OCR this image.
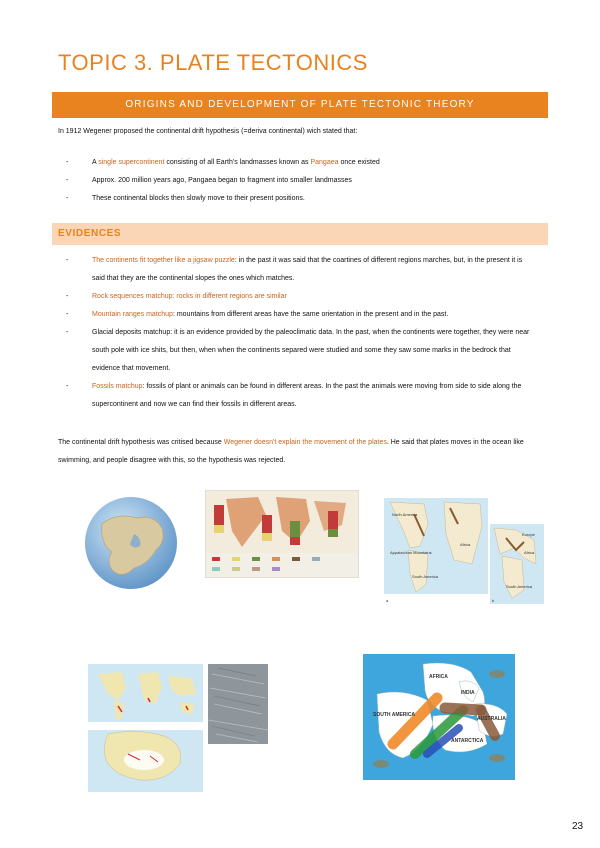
TOPIC 3. PLATE TECTONICS
ORIGINS AND DEVELOPMENT OF PLATE TECTONIC THEORY
In 1912 Wegener proposed the continental drift hypothesis (=deriva continental) wich stated that:
- A single supercontinent consisting of all Earth's landmasses known as Pangaea once existed
- Approx. 200 million years ago, Pangaea began to fragment into smaller landmasses
- These continental blocks then slowly move to their present positions.
EVIDENCES
- The continents fit together like a jigsaw puzzle: in the past it was said that the coartines of different regions marches, but, in the present it is said that they are the continental slopes the ones which matches.
- Rock sequences matchup: rocks in different regions are similar
- Mountain ranges matchup: mountains from different areas have the same orientation in the present and in the past.
- Glacial deposits matchup: it is an evidence provided by the paleoclimatic data. In the past, when the continents were together, they were near south pole with ice shits, but then, when when the continents separed were studied and some they saw some marks in the bedrock that evidence that movement.
- Fossils matchup: fossils of plant or animals can be found in different areas. In the past the animals were moving from side to side along the supercontinent and now we can find their fossils in different areas.
The continental drift hypothesis was critised because Wegener doesn't explain the movement of the plates. He said that plates moves in the ocean like swimming, and people disagree with this, so the hypothesis was rejected.
North America
Appalachian Mountains
South America
Africa
a
Europe
Africa
South America
b
AFRICA
SOUTH AMERICA
INDIA
ANTARCTICA
AUSTRALIA
23
